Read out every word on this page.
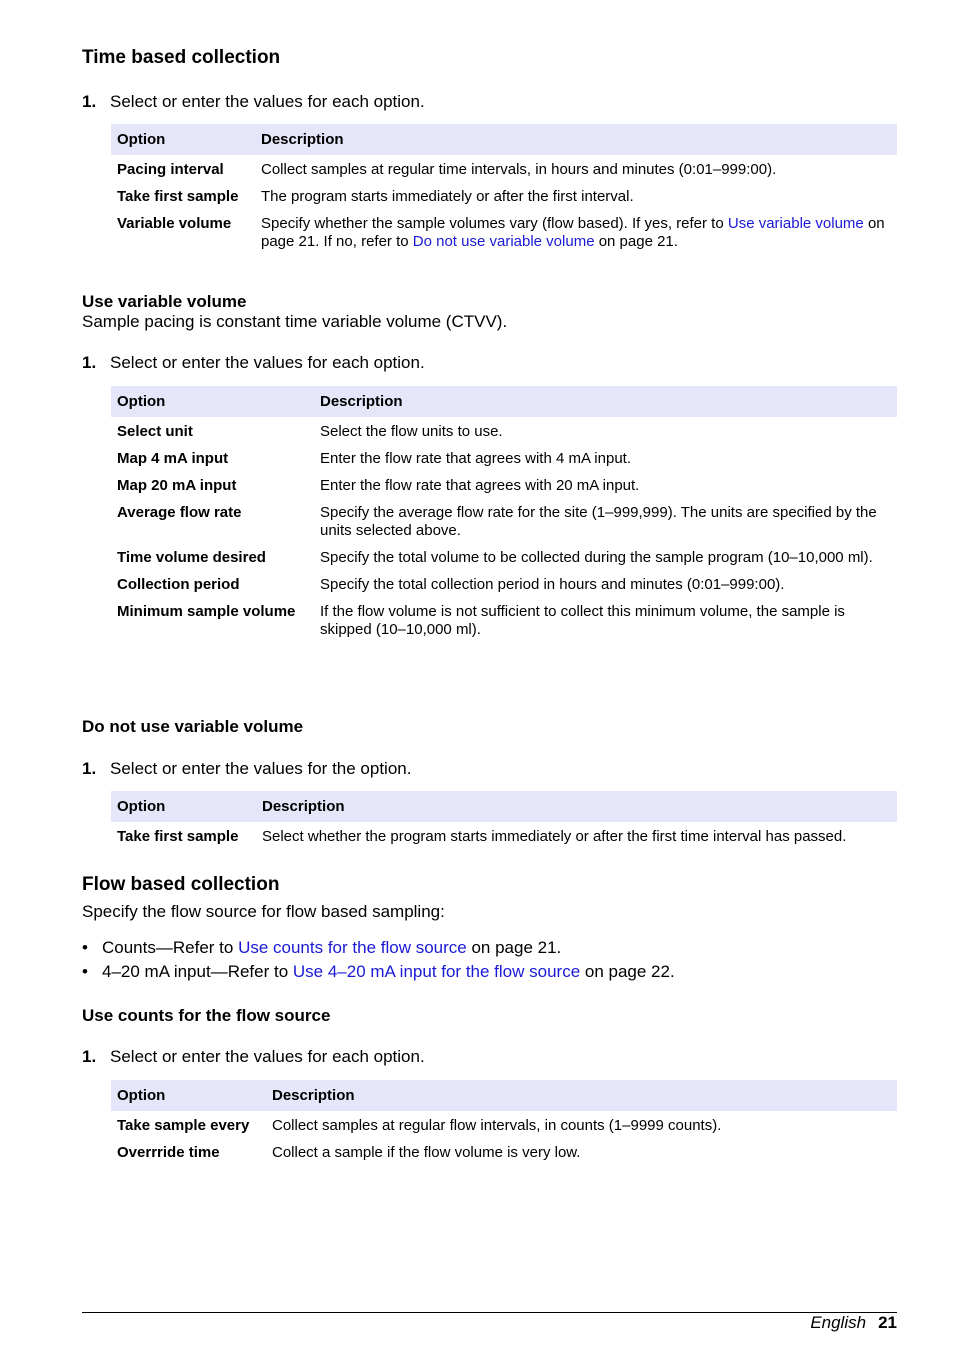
Time based collection

1. Select or enter the values for each option.

Option	Description
Pacing interval	Collect samples at regular time intervals, in hours and minutes (0:01–999:00).
Take first sample	The program starts immediately or after the first interval.
Variable volume	Specify whether the sample volumes vary (flow based). If yes, refer to Use variable volume on page 21. If no, refer to Do not use variable volume on page 21.
Use variable volume

Sample pacing is constant time variable volume (CTVV).

1. Select or enter the values for each option.

Option	Description
Select unit	Select the flow units to use.
Map 4 mA input	Enter the flow rate that agrees with 4 mA input.
Map 20 mA input	Enter the flow rate that agrees with 20 mA input.
Average flow rate	Specify the average flow rate for the site (1–999,999). The units are specified by the units selected above.
Time volume desired	Specify the total volume to be collected during the sample program (10–10,000 ml).
Collection period	Specify the total collection period in hours and minutes (0:01–999:00).
Minimum sample volume	If the flow volume is not sufficient to collect this minimum volume, the sample is skipped (10–10,000 ml).
Do not use variable volume

1. Select or enter the values for the option.

Option	Description
Take first sample	Select whether the program starts immediately or after the first time interval has passed.
Flow based collection

Specify the flow source for flow based sampling:

• Counts—Refer to Use counts for the flow source on page 21.
• 4–20 mA input—Refer to Use 4–20 mA input for the flow source on page 22.
Use counts for the flow source

1. Select or enter the values for each option.

Option	Description
Take sample every	Collect samples at regular flow intervals, in counts (1–9999 counts).
Overrride time	Collect a sample if the flow volume is very low.
English 21
